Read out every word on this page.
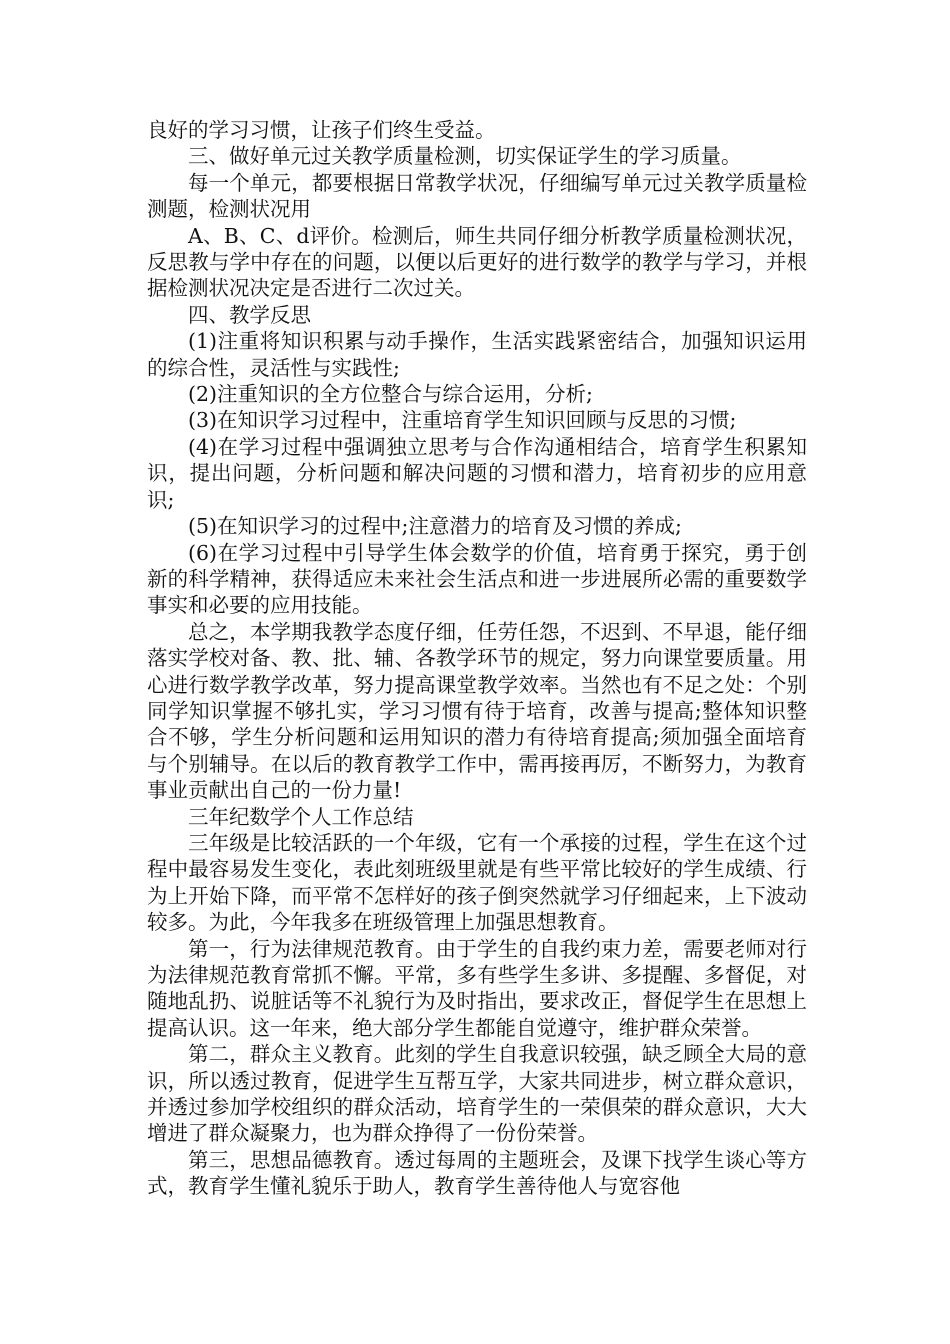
良好的学习习惯，让孩子们终生受益。

三、做好单元过关教学质量检测，切实保证学生的学习质量。

每一个单元，都要根据日常教学状况，仔细编写单元过关教学质量检测题，检测状况用

A、B、C、d评价。检测后，师生共同仔细分析教学质量检测状况，反思教与学中存在的问题，以便以后更好的进行数学的教学与学习，并根据检测状况决定是否进行二次过关。

四、教学反思

(1)注重将知识积累与动手操作，生活实践紧密结合，加强知识运用的综合性，灵活性与实践性;

(2)注重知识的全方位整合与综合运用，分析;

(3)在知识学习过程中，注重培育学生知识回顾与反思的习惯;

(4)在学习过程中强调独立思考与合作沟通相结合，培育学生积累知识，提出问题，分析问题和解决问题的习惯和潜力，培育初步的应用意识;

(5)在知识学习的过程中;注意潜力的培育及习惯的养成;

(6)在学习过程中引导学生体会数学的价值，培育勇于探究，勇于创新的科学精神，获得适应未来社会生活点和进一步进展所必需的重要数学事实和必要的应用技能。

总之，本学期我教学态度仔细，任劳任怨，不迟到、不早退，能仔细落实学校对备、教、批、辅、各教学环节的规定，努力向课堂要质量。用心进行数学教学改革，努力提高课堂教学效率。当然也有不足之处：个别同学知识掌握不够扎实，学习习惯有待于培育，改善与提高;整体知识整合不够，学生分析问题和运用知识的潜力有待培育提高;须加强全面培育与个别辅导。在以后的教育教学工作中，需再接再厉，不断努力，为教育事业贡献出自己的一份力量!

三年纪数学个人工作总结

三年级是比较活跃的一个年级，它有一个承接的过程，学生在这个过程中最容易发生变化，表此刻班级里就是有些平常比较好的学生成绩、行为上开始下降，而平常不怎样好的孩子倒突然就学习仔细起来，上下波动较多。为此，今年我多在班级管理上加强思想教育。

第一，行为法律规范教育。由于学生的自我约束力差，需要老师对行为法律规范教育常抓不懈。平常，多有些学生多讲、多提醒、多督促，对随地乱扔、说脏话等不礼貌行为及时指出，要求改正，督促学生在思想上提高认识。这一年来，绝大部分学生都能自觉遵守，维护群众荣誉。

第二，群众主义教育。此刻的学生自我意识较强，缺乏顾全大局的意识，所以透过教育，促进学生互帮互学，大家共同进步，树立群众意识，并透过参加学校组织的群众活动，培育学生的一荣俱荣的群众意识，大大增进了群众凝聚力，也为群众挣得了一份份荣誉。

第三，思想品德教育。透过每周的主题班会，及课下找学生谈心等方式，教育学生懂礼貌乐于助人，教育学生善待他人与宽容他
